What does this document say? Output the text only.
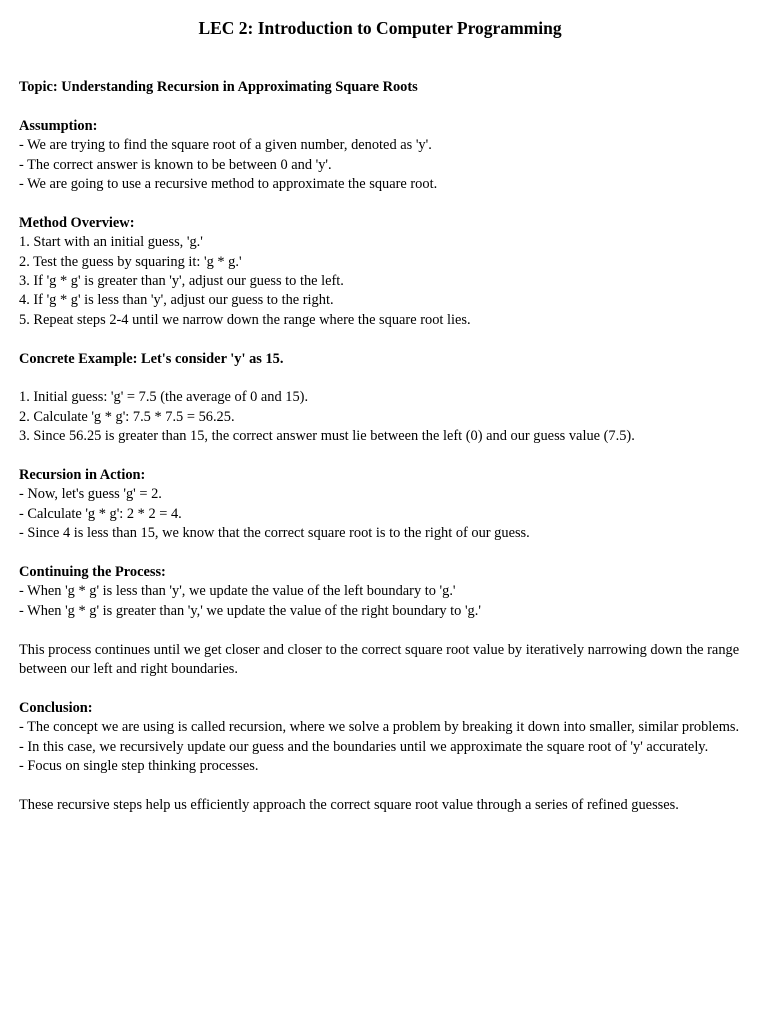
LEC 2: Introduction to Computer Programming

Topic: Understanding Recursion in Approximating Square Roots

Assumption:

- We are trying to find the square root of a given number, denoted as 'y'.

- The correct answer is known to be between 0 and 'y'.

- We are going to use a recursive method to approximate the square root.

Method Overview:

1. Start with an initial guess, 'g.'

2. Test the guess by squaring it: 'g * g.'

3. If 'g * g' is greater than 'y', adjust our guess to the left.

4. If 'g * g' is less than 'y', adjust our guess to the right.

5. Repeat steps 2-4 until we narrow down the range where the square root lies.

Concrete Example: Let's consider 'y' as 15.

1. Initial guess: 'g' = 7.5 (the average of 0 and 15).

2. Calculate 'g * g': 7.5 * 7.5 = 56.25.

3. Since 56.25 is greater than 15, the correct answer must lie between the left (0) and our guess value (7.5).

Recursion in Action:

- Now, let's guess 'g' = 2.

- Calculate 'g * g': 2 * 2 = 4.

- Since 4 is less than 15, we know that the correct square root is to the right of our guess.

Continuing the Process:

- When 'g * g' is less than 'y', we update the value of the left boundary to 'g.'

- When 'g * g' is greater than 'y,' we update the value of the right boundary to 'g.'

This process continues until we get closer and closer to the correct square root value by iteratively narrowing down the range between our left and right boundaries.

Conclusion:

- The concept we are using is called recursion, where we solve a problem by breaking it down into smaller, similar problems.

- In this case, we recursively update our guess and the boundaries until we approximate the square root of 'y' accurately.

- Focus on single step thinking processes.

These recursive steps help us efficiently approach the correct square root value through a series of refined guesses.
